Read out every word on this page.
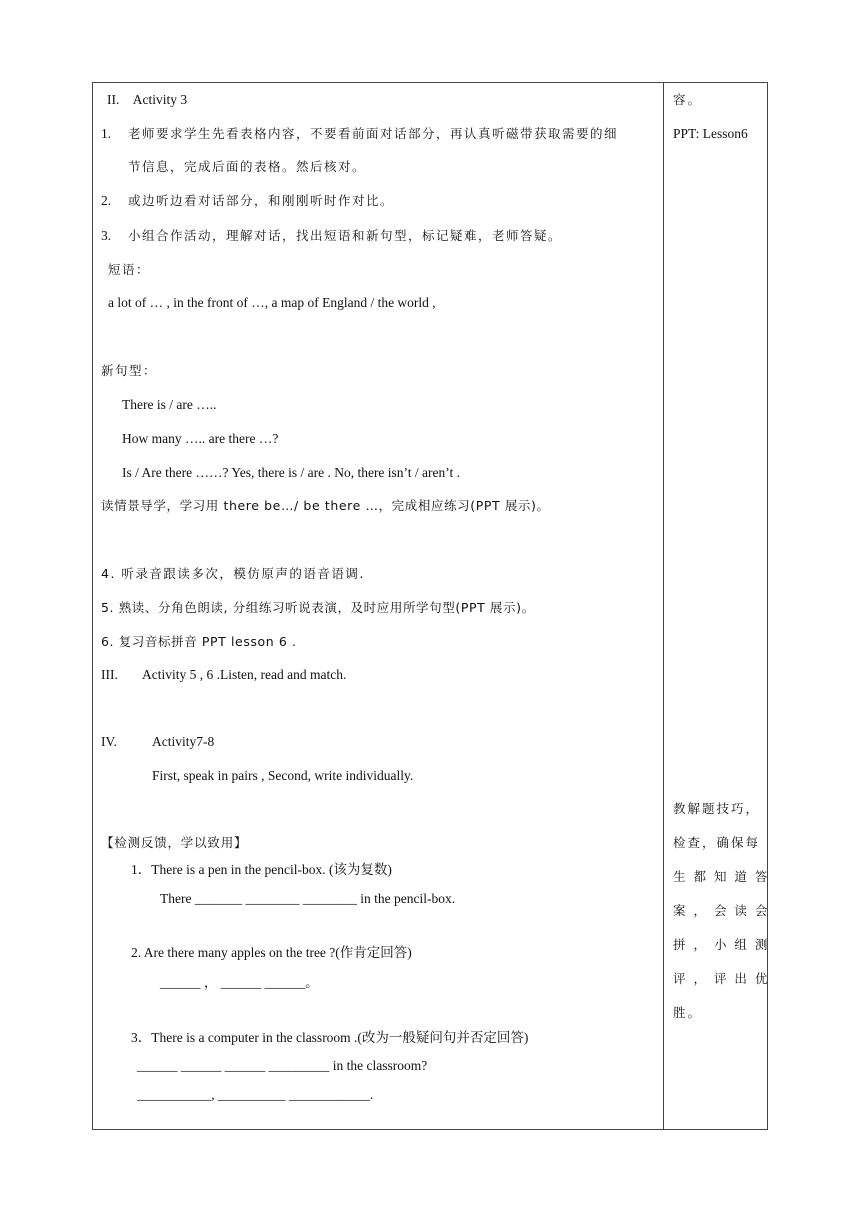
II. Activity 3
1. 老师要求学生先看表格内容，不要看前面对话部分，再认真听磁带获取需要的细
节信息，完成后面的表格。然后核对。
2. 或边听边看对话部分，和刚刚听时作对比。
3. 小组合作活动，理解对话，找出短语和新句型，标记疑难，老师答疑。
短语：
a lot of … , in the front of …, a map of England / the world ,
新句型：
There is / are …..
How many ….. are there …?
Is / Are there ……? Yes, there is / are . No, there isn’t / aren’t .
读情景导学，学习用 there be…/ be there …，完成相应练习(PPT 展示)。
4. 听录音跟读多次，模仿原声的语音语调.
5. 熟读、分角色朗读, 分组练习听说表演，及时应用所学句型(PPT 展示)。
6. 复习音标拼音 PPT lesson 6 .
III. Activity 5 , 6 .Listen, read and match.
IV.	Activity7-8
First, speak in pairs , Second, write individually.
【检测反馈，学以致用】
1．There is a pen in the pencil-box. (该为复数)
There _______ ________ ________ in the pencil-box.
2. Are there many apples on the tree ?(作肯定回答)
______ ， ______ ______。
3．There is a computer in the classroom .(改为一般疑问句并否定回答)
______ ______ ______ _________ in the classroom?
___________, __________ ____________.
容。
PPT: Lesson6
教解题技巧，
检查，确保每
生 都 知 道 答
案 ， 会 读 会
拼 ， 小 组 测
评 ， 评 出 优
胜。
